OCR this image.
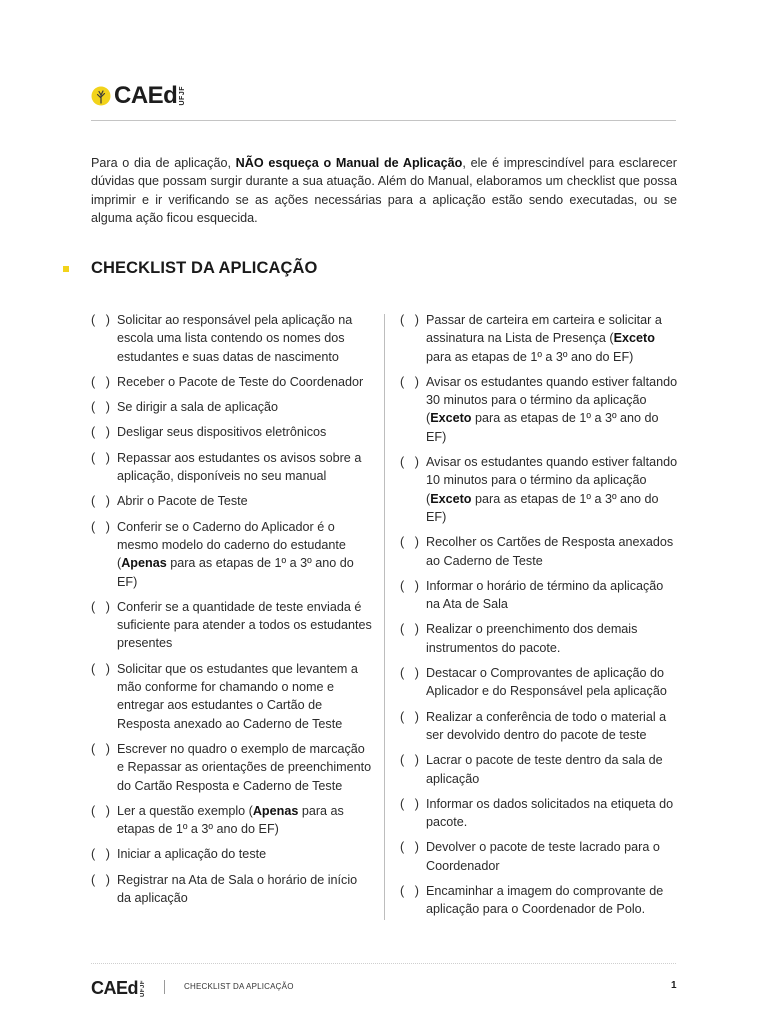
CAEd UFJF

Para o dia de aplicação, NÃO esqueça o Manual de Aplicação, ele é imprescindível para esclarecer dúvidas que possam surgir durante a sua atuação. Além do Manual, elaboramos um checklist que possa imprimir e ir verificando se as ações necessárias para a aplicação estão sendo executadas, ou se alguma ação ficou esquecida.

CHECKLIST DA APLICAÇÃO
(   ) Solicitar ao responsável pela aplicação na escola uma lista contendo os nomes dos estudantes e suas datas de nascimento
(   ) Receber o Pacote de Teste do Coordenador
(   ) Se dirigir a sala de aplicação
(   ) Desligar seus dispositivos eletrônicos
(   ) Repassar aos estudantes os avisos sobre a aplicação, disponíveis no seu manual
(   ) Abrir o Pacote de Teste
(   ) Conferir se o Caderno do Aplicador é o mesmo modelo do caderno do estudante (Apenas para as etapas de 1º a 3º ano do EF)
(   ) Conferir se a quantidade de teste enviada é suficiente para atender a todos os estudantes presentes
(   ) Solicitar que os estudantes que levantem a mão conforme for chamando o nome e entregar aos estudantes o Cartão de Resposta anexado ao Caderno de Teste
(   ) Escrever no quadro o exemplo de marcação e Repassar as orientações de preenchimento do Cartão Resposta e Caderno de Teste
(   ) Ler a questão exemplo (Apenas para as etapas de 1º a 3º ano do EF)
(   ) Iniciar a aplicação do teste
(   ) Registrar na Ata de Sala o horário de início da aplicação
(   ) Passar de carteira em carteira e solicitar a assinatura na Lista de Presença (Exceto para as etapas de 1º a 3º ano do EF)
(   ) Avisar os estudantes quando estiver faltando 30 minutos para o término da aplicação (Exceto para as etapas de 1º a 3º ano do EF)
(   ) Avisar os estudantes quando estiver faltando 10 minutos para o término da aplicação (Exceto para as etapas de 1º a 3º ano do EF)
(   ) Recolher os Cartões de Resposta anexados ao Caderno de Teste
(   ) Informar o horário de término da aplicação na Ata de Sala
(   ) Realizar o preenchimento dos demais instrumentos do pacote.
(   ) Destacar o Comprovantes de aplicação do Aplicador e do Responsável pela aplicação
(   ) Realizar a conferência de todo o material a ser devolvido dentro do pacote de teste
(   ) Lacrar o pacote de teste dentro da sala de aplicação
(   ) Informar os dados solicitados na etiqueta do pacote.
(   ) Devolver o pacote de teste lacrado para o Coordenador
(   ) Encaminhar a imagem do comprovante de aplicação para o Coordenador de Polo.
CAEd UFJF	CHECKLIST DA APLICAÇÃO	1
